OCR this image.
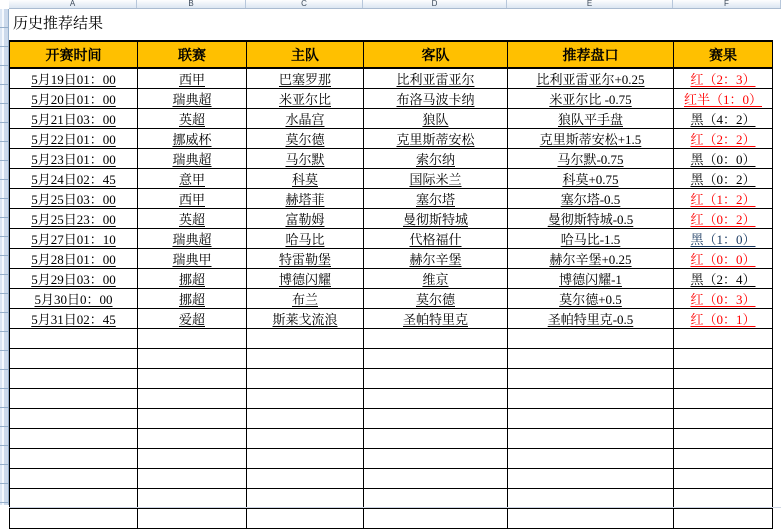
A	B	C	D	E	F
历史推荐结果
开赛时间	联赛	主队	客队	推荐盘口	赛果
5月19日01：00	西甲	巴塞罗那	比利亚雷亚尔	比利亚雷亚尔+0.25	红（2：3）
5月20日01：00	瑞典超	米亚尔比	布洛马波卡纳	米亚尔比 -0.75	红半（1：0）
5月21日03：00	英超	水晶宫	狼队	狼队平手盘	黑（4：2）
5月22日01：00	挪威杯	莫尔德	克里斯蒂安松	克里斯蒂安松+1.5	红（2：2）
5月23日01：00	瑞典超	马尔默	索尔纳	马尔默-0.75	黑（0：0）
5月24日02：45	意甲	科莫	国际米兰	科莫+0.75	黑（0：2）
5月25日03：00	西甲	赫塔菲	塞尔塔	塞尔塔-0.5	红（1：2）
5月25日23：00	英超	富勒姆	曼彻斯特城	曼彻斯特城-0.5	红（0：2）
5月27日01：10	瑞典超	哈马比	代格福什	哈马比-1.5	黑（1：0）
5月28日01：00	瑞典甲	特雷勒堡	赫尔辛堡	赫尔辛堡+0.25	红（0：0）
5月29日03：00	挪超	博德闪耀	维京	博德闪耀-1	黑（2：4）
5月30日0：00	挪超	布兰	莫尔德	莫尔德+0.5	红（0：3）
5月31日02：45	爱超	斯莱戈流浪	圣帕特里克	圣帕特里克-0.5	红（0：1）
